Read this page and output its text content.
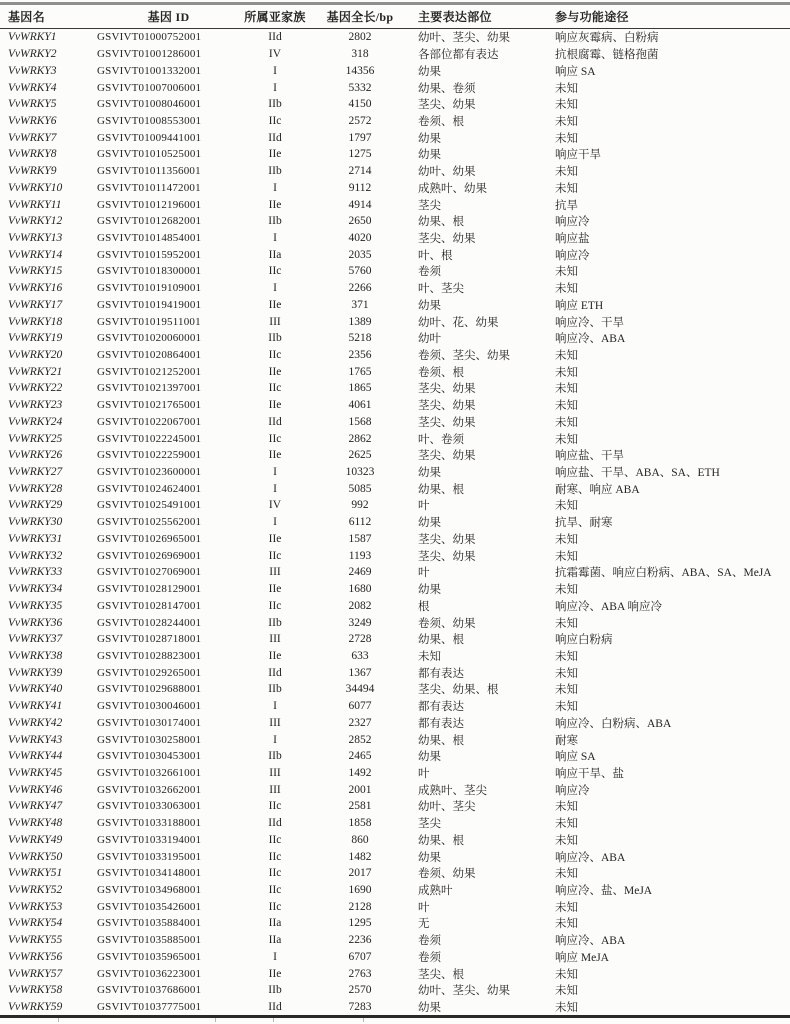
基因名	基因 ID	所属亚家族	基因全长/bp	主要表达部位	参与功能途径
VvWRKY1	GSVIVT01000752001	IId	2802	幼叶、茎尖、幼果	响应灰霉病、白粉病
VvWRKY2	GSVIVT01001286001	IV	318	各部位都有表达	抗根腐霉、链格孢菌
VvWRKY3	GSVIVT01001332001	I	14356	幼果	响应 SA
VvWRKY4	GSVIVT01007006001	I	5332	幼果、卷须	未知
VvWRKY5	GSVIVT01008046001	IIb	4150	茎尖、幼果	未知
VvWRKY6	GSVIVT01008553001	IIc	2572	卷须、根	未知
VvWRKY7	GSVIVT01009441001	IId	1797	幼果	未知
VvWRKY8	GSVIVT01010525001	IIe	1275	幼果	响应干旱
VvWRKY9	GSVIVT01011356001	IIb	2714	幼叶、幼果	未知
VvWRKY10	GSVIVT01011472001	I	9112	成熟叶、幼果	未知
VvWRKY11	GSVIVT01012196001	IIe	4914	茎尖	抗旱
VvWRKY12	GSVIVT01012682001	IIb	2650	幼果、根	响应冷
VvWRKY13	GSVIVT01014854001	I	4020	茎尖、幼果	响应盐
VvWRKY14	GSVIVT01015952001	IIa	2035	叶、根	响应冷
VvWRKY15	GSVIVT01018300001	IIc	5760	卷须	未知
VvWRKY16	GSVIVT01019109001	I	2266	叶、茎尖	未知
VvWRKY17	GSVIVT01019419001	IIe	371	幼果	响应 ETH
VvWRKY18	GSVIVT01019511001	III	1389	幼叶、花、幼果	响应冷、干旱
VvWRKY19	GSVIVT01020060001	IIb	5218	幼叶	响应冷、ABA
VvWRKY20	GSVIVT01020864001	IIc	2356	卷须、茎尖、幼果	未知
VvWRKY21	GSVIVT01021252001	IIe	1765	卷须、根	未知
VvWRKY22	GSVIVT01021397001	IIc	1865	茎尖、幼果	未知
VvWRKY23	GSVIVT01021765001	IIe	4061	茎尖、幼果	未知
VvWRKY24	GSVIVT01022067001	IId	1568	茎尖、幼果	未知
VvWRKY25	GSVIVT01022245001	IIc	2862	叶、卷须	未知
VvWRKY26	GSVIVT01022259001	IIe	2625	茎尖、幼果	响应盐、干旱
VvWRKY27	GSVIVT01023600001	I	10323	幼果	响应盐、干旱、ABA、SA、ETH
VvWRKY28	GSVIVT01024624001	I	5085	幼果、根	耐寒、响应 ABA
VvWRKY29	GSVIVT01025491001	IV	992	叶	未知
VvWRKY30	GSVIVT01025562001	I	6112	幼果	抗旱、耐寒
VvWRKY31	GSVIVT01026965001	IIe	1587	茎尖、幼果	未知
VvWRKY32	GSVIVT01026969001	IIc	1193	茎尖、幼果	未知
VvWRKY33	GSVIVT01027069001	III	2469	叶	抗霜霉菌、响应白粉病、ABA、SA、MeJA
VvWRKY34	GSVIVT01028129001	IIe	1680	幼果	未知
VvWRKY35	GSVIVT01028147001	IIc	2082	根	响应冷、ABA 响应冷
VvWRKY36	GSVIVT01028244001	IIb	3249	卷须、幼果	未知
VvWRKY37	GSVIVT01028718001	III	2728	幼果、根	响应白粉病
VvWRKY38	GSVIVT01028823001	IIe	633	未知	未知
VvWRKY39	GSVIVT01029265001	IId	1367	都有表达	未知
VvWRKY40	GSVIVT01029688001	IIb	34494	茎尖、幼果、根	未知
VvWRKY41	GSVIVT01030046001	I	6077	都有表达	未知
VvWRKY42	GSVIVT01030174001	III	2327	都有表达	响应冷、白粉病、ABA
VvWRKY43	GSVIVT01030258001	I	2852	幼果、根	耐寒
VvWRKY44	GSVIVT01030453001	IIb	2465	幼果	响应 SA
VvWRKY45	GSVIVT01032661001	III	1492	叶	响应干旱、盐
VvWRKY46	GSVIVT01032662001	III	2001	成熟叶、茎尖	响应冷
VvWRKY47	GSVIVT01033063001	IIc	2581	幼叶、茎尖	未知
VvWRKY48	GSVIVT01033188001	IId	1858	茎尖	未知
VvWRKY49	GSVIVT01033194001	IIc	860	幼果、根	未知
VvWRKY50	GSVIVT01033195001	IIc	1482	幼果	响应冷、ABA
VvWRKY51	GSVIVT01034148001	IIc	2017	卷须、幼果	未知
VvWRKY52	GSVIVT01034968001	IIc	1690	成熟叶	响应冷、盐、MeJA
VvWRKY53	GSVIVT01035426001	IIc	2128	叶	未知
VvWRKY54	GSVIVT01035884001	IIa	1295	无	未知
VvWRKY55	GSVIVT01035885001	IIa	2236	卷须	响应冷、ABA
VvWRKY56	GSVIVT01035965001	I	6707	卷须	响应 MeJA
VvWRKY57	GSVIVT01036223001	IIe	2763	茎尖、根	未知
VvWRKY58	GSVIVT01037686001	IIb	2570	幼叶、茎尖、幼果	未知
VvWRKY59	GSVIVT01037775001	IId	7283	幼果	未知
